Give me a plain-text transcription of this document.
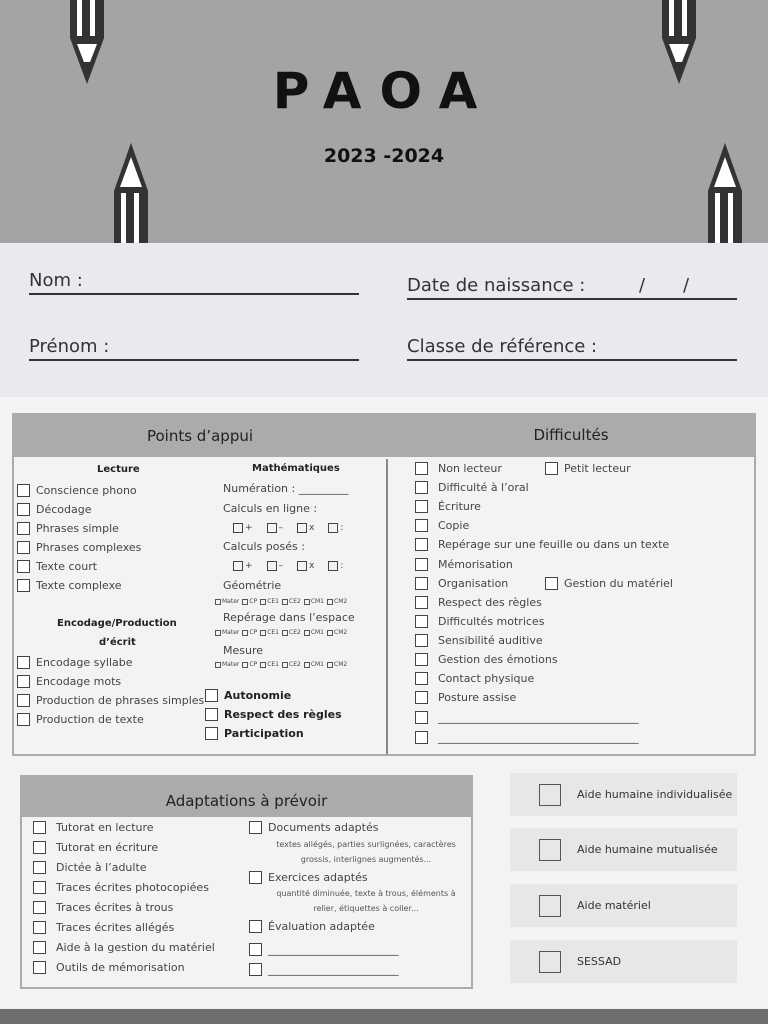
PAOA
2023 -2024
Nom :	Date de naissance :	/ /
Prénom :	Classe de référence :
Points d’appui	Difficultés
Lecture
Conscience phono
Décodage
Phrases simple
Phrases complexes
Texte court
Texte complexe
Encodage/Production
d’écrit
Encodage syllabe
Encodage mots
Production de phrases simples
Production de texte
Mathématiques
Numération : _________
Calculs en ligne :
+	–	x	:
Calculs posés :
+	–	x	:
Géométrie
Mater CP CE1 CE2 CM1 CM2
Repérage dans l’espace
Mater CP CE1 CE2 CM1 CM2
Mesure
Mater CP CE1 CE2 CM1 CM2
Autonomie
Respect des règles
Participation
Non lecteur	Petit lecteur
Difficulté à l’oral
Écriture
Copie
Repérage sur une feuille ou dans un texte
Mémorisation
Organisation	Gestion du matériel
Respect des règles
Difficultés motrices
Sensibilité auditive
Gestion des émotions
Contact physique
Posture assise
________________________________________
________________________________________
Adaptations à prévoir
Tutorat en lecture
Tutorat en écriture
Dictée à l’adulte
Traces écrites photocopiées
Traces écrites à trous
Traces écrites allégés
Aide à la gestion du matériel
Outils de mémorisation
Documents adaptés
textes allégés, parties surlignées, caractères
grossis, interlignes augmentés...
Exercices adaptés
quantité diminuée, texte à trous, éléments à
relier, étiquettes à coller...
Évaluation adaptée
__________________________
__________________________
Aide humaine individualisée
Aide humaine mutualisée
Aide matériel
SESSAD
